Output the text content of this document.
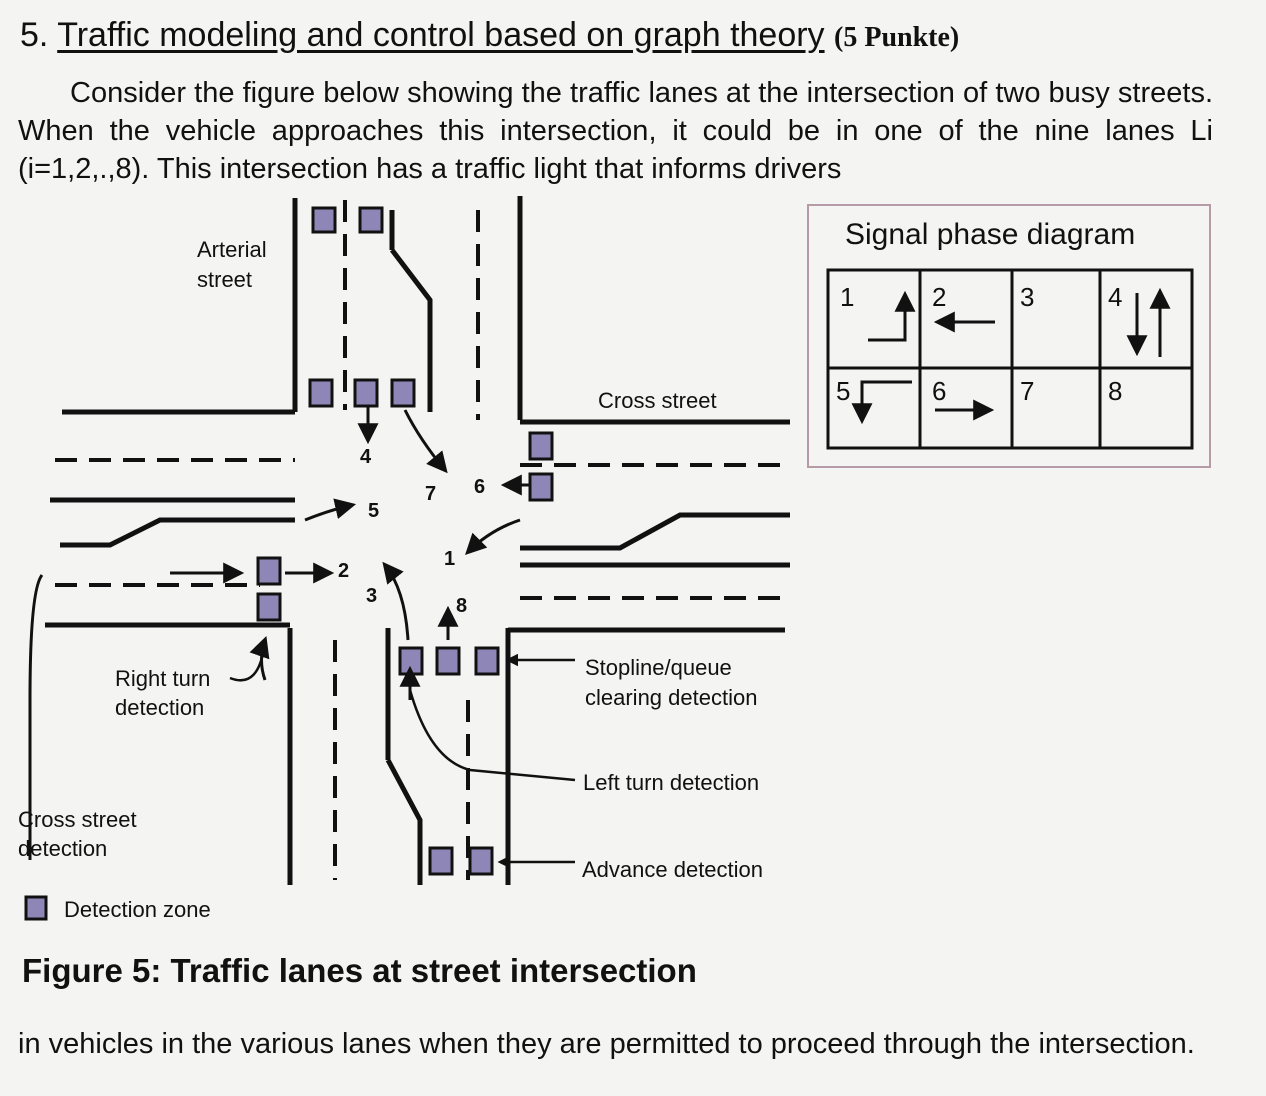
5. Traffic modeling and control based on graph theory (5 Punkte)
Consider the figure below showing the traffic lanes at the intersection of two busy streets. When the vehicle approaches this intersection, it could be in one of the nine lanes Li (i=1,2,.,8). This intersection has a traffic light that informs drivers
4
5
7 6
1
2
3	8
Arterial
street
Cross street
Right turn
detection
Cross street
detection
Stopline/queue
clearing detection
Left turn detection
Advance detection
Detection zone
Signal phase diagram
1	2	3	4
5	6	7	8
Figure 5: Traffic lanes at street intersection
in vehicles in the various lanes when they are permitted to proceed through the intersection.
